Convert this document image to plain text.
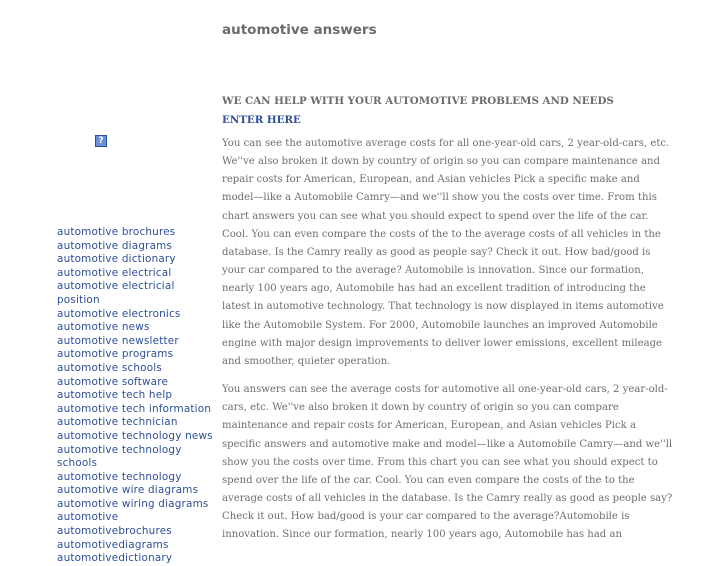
automotive answers
?
automotive brochures
automotive diagrams
automotive dictionary
automotive electrical
automotive electricial position
automotive electronics
automotive news
automotive newsletter
automotive programs
automotive schools
automotive software
automotive tech help
automotive tech information
automotive technician
automotive technology news
automotive technology
schools
automotive technology
automotive wire diagrams
automotive wiring diagrams
automotive
automotivebrochures
automotivediagrams
automotivedictionary
WE CAN HELP WITH YOUR AUTOMOTIVE PROBLEMS AND NEEDS
ENTER HERE

You can see the automotive average costs for all one-year-old cars, 2 year-old-cars, etc. We''ve also broken it down by country of origin so you can compare maintenance and repair costs for American, European, and Asian vehicles Pick a specific make and model—like a Automobile Camry—and we''ll show you the costs over time. From this chart answers you can see what you should expect to spend over the life of the car. Cool. You can even compare the costs of the to the average costs of all vehicles in the database. Is the Camry really as good as people say? Check it out. How bad/good is your car compared to the average? Automobile is innovation. Since our formation, nearly 100 years ago, Automobile has had an excellent tradition of introducing the latest in automotive technology. That technology is now displayed in items automotive like the Automobile System. For 2000, Automobile launches an improved Automobile engine with major design improvements to deliver lower emissions, excellent mileage and smoother, quieter operation.

You answers can see the average costs for automotive all one-year-old cars, 2 year-old-cars, etc. We''ve also broken it down by country of origin so you can compare maintenance and repair costs for American, European, and Asian vehicles Pick a specific answers and automotive make and model—like a Automobile Camry—and we''ll show you the costs over time. From this chart you can see what you should expect to spend over the life of the car. Cool. You can even compare the costs of the to the average costs of all vehicles in the database. Is the Camry really as good as people say? Check it out. How bad/good is your car compared to the average?Automobile is innovation. Since our formation, nearly 100 years ago, Automobile has had an
